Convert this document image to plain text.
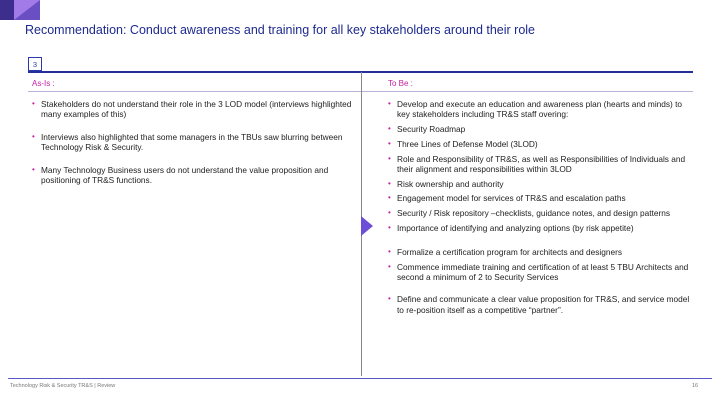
Recommendation: Conduct awareness and training for all key stakeholders around their role
3
As-Is :	To Be :
• Stakeholders do not understand their role in the 3 LOD model (interviews highlighted many examples of this)
• Interviews also highlighted that some managers in the TBUs saw blurring between Technology Risk & Security.
• Many Technology Business users do not understand the value proposition and positioning of TR&S functions.
• Develop and execute an education and awareness plan (hearts and minds) to key stakeholders including TR&S staff overing:
• Security Roadmap
• Three Lines of Defense Model (3LOD)
• Role and Responsibility of TR&S, as well as Responsibilities of Individuals and their alignment and responsibilities within 3LOD
• Risk ownership and authority
• Engagement model for services of TR&S and escalation paths
• Security / Risk repository –checklists, guidance notes, and design patterns
• Importance of identifying and analyzing options (by risk appetite)
• Formalize a certification program for architects and designers
• Commence immediate training and certification of at least 5 TBU Architects and second a minimum of 2 to Security Services
• Define and communicate a clear value proposition for TR&S, and service model to re-position itself as a competitive “partner”.
Technology Risk & Security TR&S | Review	16
